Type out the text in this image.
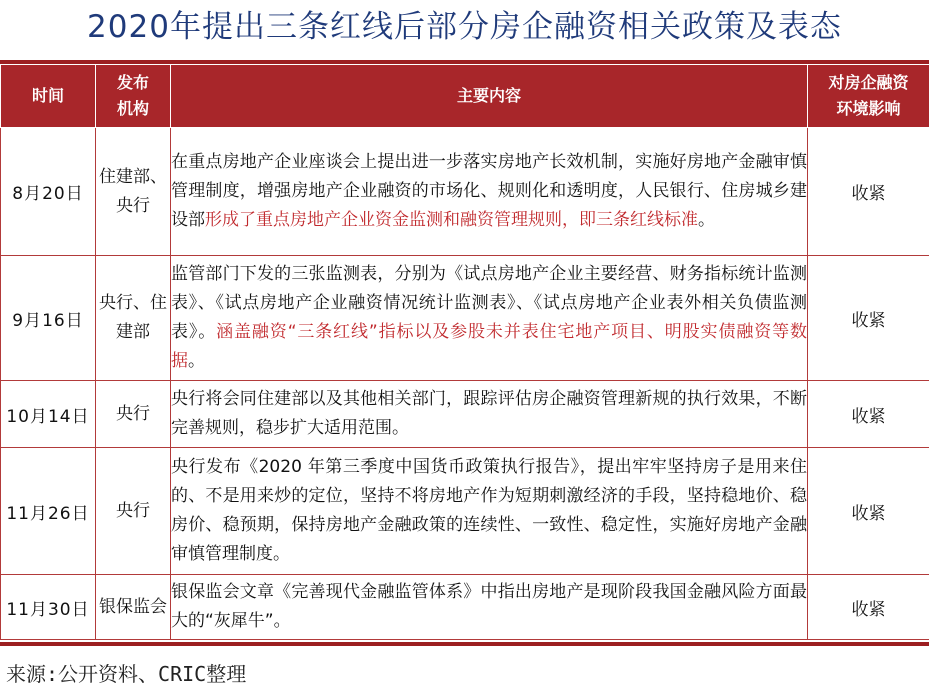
2020年提出三条红线后部分房企融资相关政策及表态
时间	发布机构	主要内容	对房企融资环境影响
8月20日	住建部、央行	在重点房地产企业座谈会上提出进一步落实房地产长效机制，实施好房地产金融审慎管理制度，增强房地产企业融资的市场化、规则化和透明度，人民银行、住房城乡建设部形成了重点房地产企业资金监测和融资管理规则，即三条红线标准。	收紧
9月16日	央行、住建部	监管部门下发的三张监测表，分别为《试点房地产企业主要经营、财务指标统计监测表》、《试点房地产企业融资情况统计监测表》、《试点房地产企业表外相关负债监测表》。涵盖融资“三条红线”指标以及参股未并表住宅地产项目、明股实债融资等数据。	收紧
10月14日	央行	央行将会同住建部以及其他相关部门，跟踪评估房企融资管理新规的执行效果，不断完善规则，稳步扩大适用范围。	收紧
11月26日	央行	央行发布《2020 年第三季度中国货币政策执行报告》，提出牢牢坚持房子是用来住的、不是用来炒的定位，坚持不将房地产作为短期刺激经济的手段，坚持稳地价、稳房价、稳预期，保持房地产金融政策的连续性、一致性、稳定性，实施好房地产金融审慎管理制度。	收紧
11月30日	银保监会	银保监会文章《完善现代金融监管体系》中指出房地产是现阶段我国金融风险方面最大的“灰犀牛”。	收紧
来源:公开资料、CRIC整理
